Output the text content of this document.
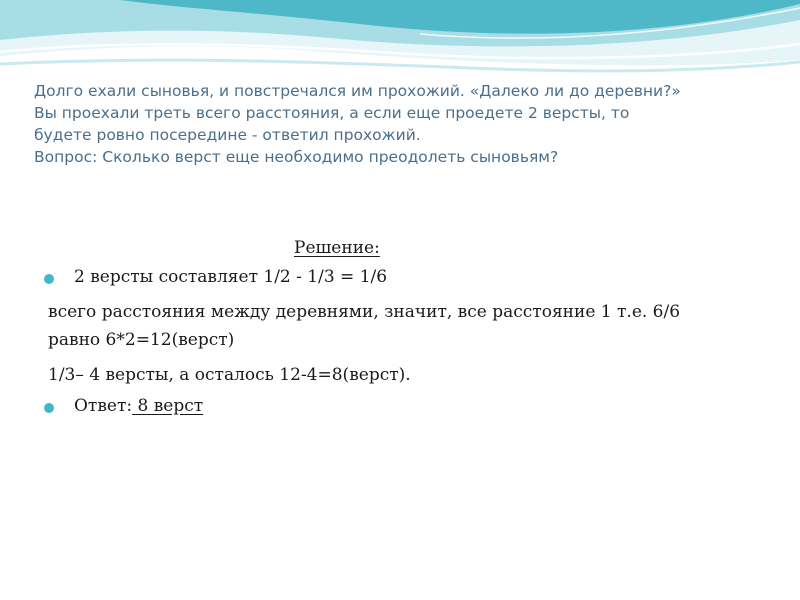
Долго ехали сыновья, и повстречался им прохожий. «Далеко ли до деревни?»

Вы проехали треть всего расстояния, а если еще проедете 2 версты, то

будете ровно посередине - ответил прохожий.

Вопрос: Сколько верст еще необходимо преодолеть сыновьям?

Решение:
2 версты составляет 1/2 - 1/3 = 1/6
всего расстояния между деревнями, значит, все расстояние 1 т.е. 6/6
равно 6*2=12(верст)
1/3– 4 версты, а осталось 12-4=8(верст).
Ответ: 8 верст
